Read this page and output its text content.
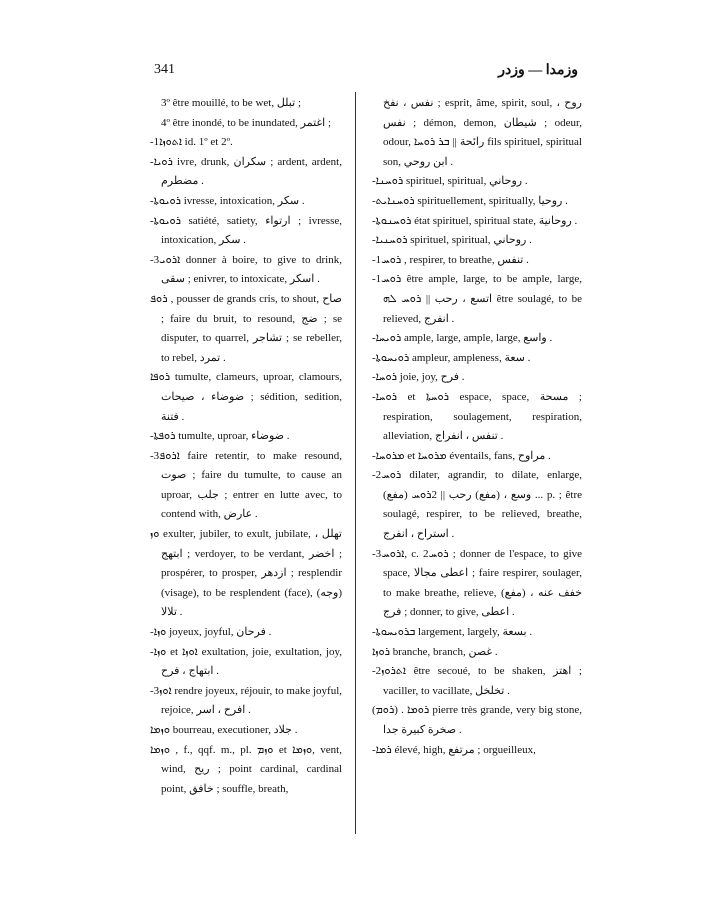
341	وزمدا — وزدر

3º être mouillé, to be wet, تبلل ;

4º être inondé, to be inundated, اغتمر ;

-1ܐܬܘܙܐ id. 1º et 2º.

-ܪܘܝܐ ivre, drunk, سكران ; ardent, ardent, مضطرم .

-ܪܘܝܘܬܐ ivresse, intoxication, سكر .

-ܪܘܝܘܬܐ satiété, satiety, ارتواء ; ivresse, intoxication, سكر .

-3ܐܪܘܝ donner à boire, to give to drink, سقى ; enivrer, to intoxicate, اسكر .

ܪܘܦ , pousser de grands cris, to shout, صاح ; faire du bruit, to resound, ضج ; se disputer, to quarrel, تشاجر ; se rebeller, to rebel, تمرد .

ܪܘܦܐ tumulte, clameurs, uproar, clamours, ضوضاء ، صيحات ; sédition, sedition, فتنة .

-ܪܘܦܬܐ tumulte, uproar, ضوضاء .

-3ܐܪܘܦ faire retentir, to make resound, صوت ; faire du tumulte, to cause an uproar, جلب ; entrer en lutte avec, to contend with, عارض .

ܘܙ exulter, jubiler, to exult, jubilate, تهلل ، ابتهج ; verdoyer, to be verdant, اخضر ; prospérer, to prosper, ازدهر ; resplendir (visage), to be resplendent (face), (وجه) تلالا .

-ܘܙܐ joyeux, joyful, فرحان .

-ܘܙܐ et ܐܘܙܐ exultation, joie, exultation, joy, ابتهاج ، فرح .

-3ܐܘܙ rendre joyeux, réjouir, to make joyful, rejoice, افرح ، اسر .

ܘܙܡܐ bourreau, executioner, جلاد .

ܘܙܡܐ , f., qqf. m., pl. ܘܙܡ et ܘܙܡܐ, vent, wind, ريح ; point cardinal, cardinal point, خافق ; souffle, breath,

نفس ، نفخ ; esprit, âme, spirit, soul, روح ، نفس ; démon, demon, شيطان ; odeur, odour, رائحة || ܒܪ ܪܘܚܐ fils spirituel, spiritual son, ابن روحي .

-ܪܘܚܢܐ spirituel, spiritual, روحاني .

-ܪܘܚܢܐܝܬ spirituellement, spiritually, روحيا .

-ܪܘܚܢܘܬܐ état spirituel, spiritual state, روحانية .

-ܪܘܚܢܝܐ spirituel, spiritual, روحاني .

-1ܪܘܚ , respirer, to breathe, تنفس .

-1ܪܘܚ être ample, large, to be ample, large, اتسع ، رحب || ܪܘܚ ܠܗ être soulagé, to be relieved, انفرج .

-ܪܘܝܚܐ ample, large, ample, large, واسع .

-ܪܘܝܚܘܬܐ ampleur, ampleness, سعة .

-ܪܘܚܐ joie, joy, فرح .

-ܪܘܚܐ et ܪܘܚܬܐ espace, space, مسحة ; respiration, soulagement, respiration, alleviation, تنفس ، انفراج .

-ܡܪܘܚܐ et ܡܪܘܚܐ éventails, fans, مراوح .

-2ܪܘܚ dilater, agrandir, to dilate, enlarge, (مفع) وسع ، (مفع) رحب || 2ܪܘܚ ... p. ; être soulagé, respirer, to be relieved, breathe, استراح ، انفرج .

-3ܐܪܘܚ, c. 2ܪܘܚ ; donner de l'espace, to give space, اعطى مجالا ; faire respirer, soulager, to make breathe, relieve, خفف عنه ، (مفع) فرج ; donner, to give, اعطى .

-ܒܪܘܝܚܘܬܐ largement, largely, بسعة .

ܪܘܙܐ branche, branch, غصن .

-2ܐܬܪܘܙ être secoué, to be shaken, اهتز ; vaciller, to vacillate, تخلخل .

(ܪܘܡ) . ܪܘܡܐ pierre très grande, very big stone, صخرة كبيرة جدا .

-ܪܡܐ élevé, high, مرتفع ; orgueilleux,
